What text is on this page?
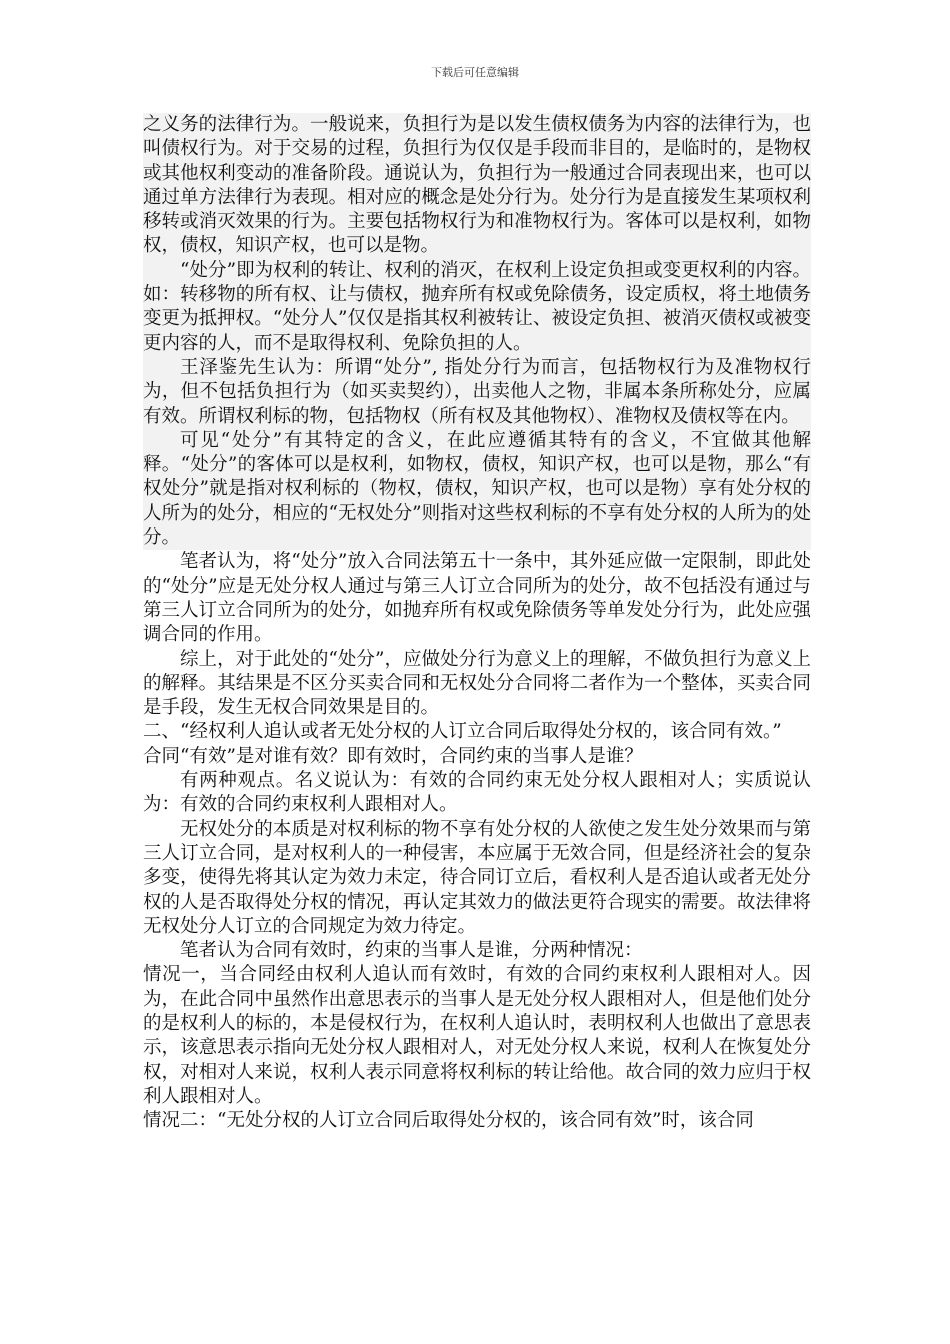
下载后可任意编辑

之义务的法律行为。一般说来，负担行为是以发生债权债务为内容的法律行为，也叫债权行为。对于交易的过程，负担行为仅仅是手段而非目的，是临时的，是物权或其他权利变动的准备阶段。通说认为，负担行为一般通过合同表现出来，也可以通过单方法律行为表现。相对应的概念是处分行为。处分行为是直接发生某项权利移转或消灭效果的行为。主要包括物权行为和准物权行为。客体可以是权利，如物权，债权，知识产权，也可以是物。

“处分”即为权利的转让、权利的消灭，在权利上设定负担或变更权利的内容。如：转移物的所有权、让与债权，抛弃所有权或免除债务，设定质权，将土地债务变更为抵押权。“处分人”仅仅是指其权利被转让、被设定负担、被消灭债权或被变更内容的人，而不是取得权利、免除负担的人。

王泽鉴先生认为：所谓“处分”, 指处分行为而言，包括物权行为及准物权行为，但不包括负担行为（如买卖契约），出卖他人之物，非属本条所称处分，应属有效。所谓权利标的物，包括物权（所有权及其他物权）、准物权及债权等在内。

可见“处分”有其特定的含义，在此应遵循其特有的含义，不宜做其他解释。“处分”的客体可以是权利，如物权，债权，知识产权，也可以是物，那么“有权处分”就是指对权利标的（物权，债权，知识产权，也可以是物）享有处分权的人所为的处分，相应的“无权处分”则指对这些权利标的不享有处分权的人所为的处分。

笔者认为，将“处分”放入合同法第五十一条中，其外延应做一定限制，即此处的“处分”应是无处分权人通过与第三人订立合同所为的处分，故不包括没有通过与第三人订立合同所为的处分，如抛弃所有权或免除债务等单发处分行为，此处应强调合同的作用。

综上，对于此处的“处分”，应做处分行为意义上的理解，不做负担行为意义上的解释。其结果是不区分买卖合同和无权处分合同将二者作为一个整体，买卖合同是手段，发生无权合同效果是目的。

二、“经权利人追认或者无处分权的人订立合同后取得处分权的，该合同有效。”

合同“有效”是对谁有效？即有效时，合同约束的当事人是谁？

有两种观点。名义说认为：有效的合同约束无处分权人跟相对人；实质说认为：有效的合同约束权利人跟相对人。

无权处分的本质是对权利标的物不享有处分权的人欲使之发生处分效果而与第三人订立合同，是对权利人的一种侵害，本应属于无效合同，但是经济社会的复杂多变，使得先将其认定为效力未定，待合同订立后，看权利人是否追认或者无处分权的人是否取得处分权的情况，再认定其效力的做法更符合现实的需要。故法律将无权处分人订立的合同规定为效力待定。

笔者认为合同有效时，约束的当事人是谁，分两种情况：

情况一，当合同经由权利人追认而有效时，有效的合同约束权利人跟相对人。因为，在此合同中虽然作出意思表示的当事人是无处分权人跟相对人，但是他们处分的是权利人的标的，本是侵权行为，在权利人追认时，表明权利人也做出了意思表示，该意思表示指向无处分权人跟相对人，对无处分权人来说，权利人在恢复处分权，对相对人来说，权利人表示同意将权利标的转让给他。故合同的效力应归于权利人跟相对人。

情况二：“无处分权的人订立合同后取得处分权的，该合同有效”时，该合同
